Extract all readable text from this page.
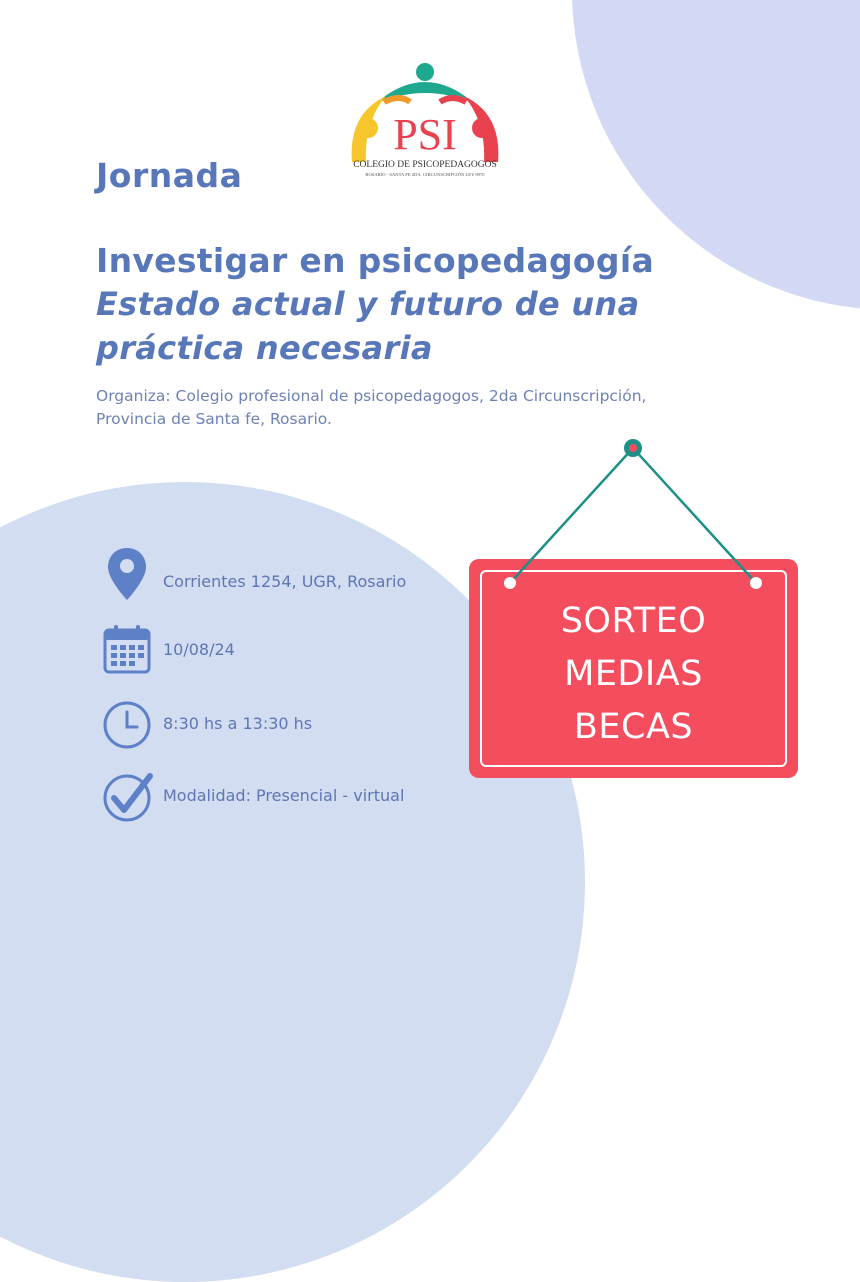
PSI
COLEGIO DE PSICOPEDAGOGOS
ROSARIO - SANTA FE 2DA. CIRCUNSCRIPCIÓN LEY 9970
Jornada
Investigar en psicopedagogía
Estado actual y futuro de una
práctica necesaria
Organiza: Colegio profesional de psicopedagogos, 2da Circunscripción, Provincia de Santa fe, Rosario.
Corrientes 1254, UGR, Rosario
10/08/24
8:30 hs a 13:30 hs
Modalidad: Presencial - virtual
SORTEO
MEDIAS
BECAS
